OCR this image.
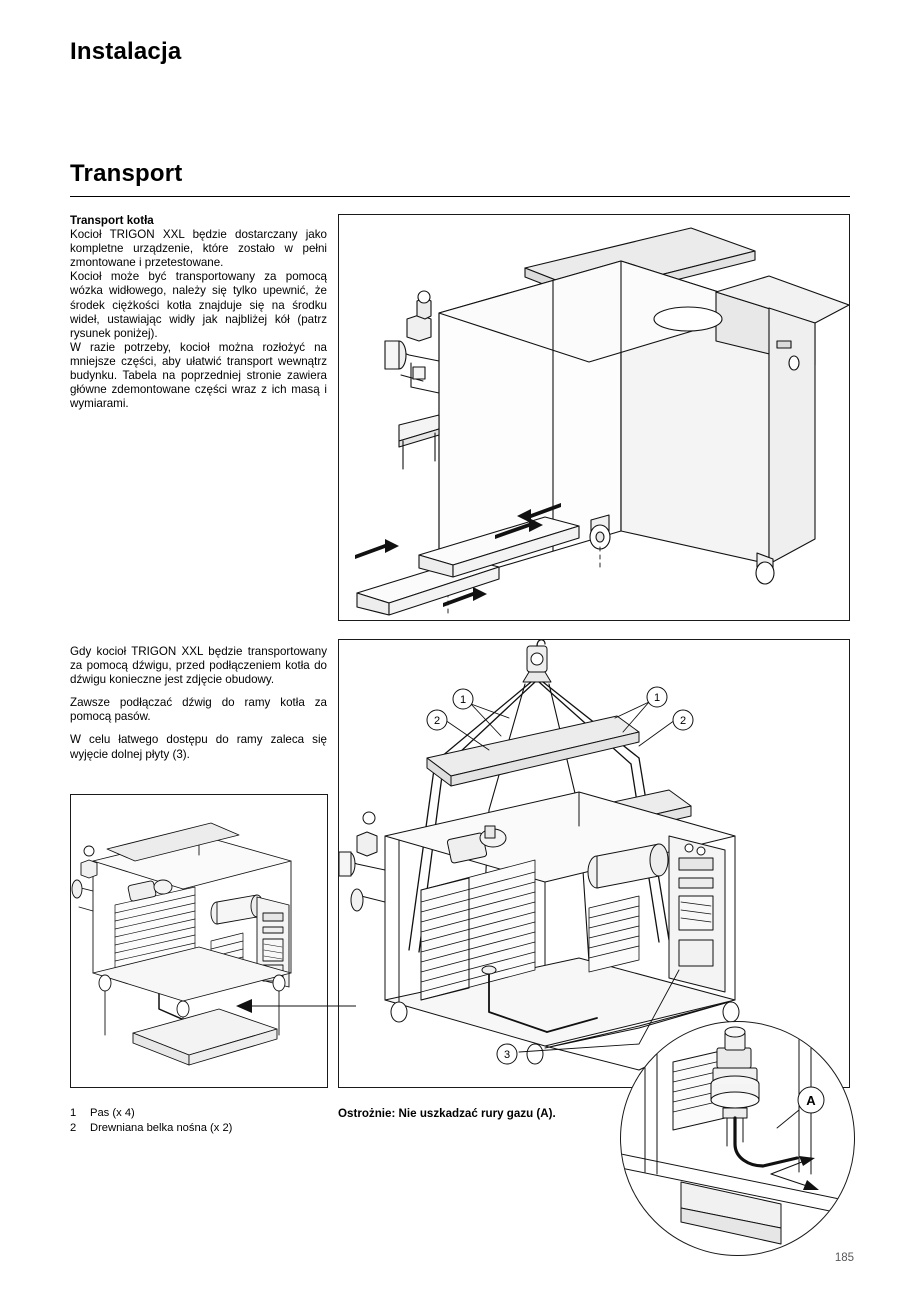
Instalacja
Transport

Transport kotła

Kocioł TRIGON XXL będzie dostarczany jako kompletne urządzenie, które zostało w pełni zmontowane i przetestowane.

Kocioł może być transportowany za pomocą wózka widłowego, należy się tylko upewnić, że środek ciężkości kotła znajduje się na środku wideł, ustawiając widły jak najbliżej kół (patrz rysunek poniżej).

W razie potrzeby, kocioł można rozłożyć na mniejsze części, aby ułatwić transport wewnątrz budynku. Tabela na poprzedniej stronie zawiera główne zdemontowane części wraz z ich masą i wymiarami.

Gdy kocioł TRIGON XXL będzie transportowany za pomocą dźwigu, przed podłączeniem kotła do dźwigu konieczne jest zdjęcie obudowy.

Zawsze podłączać dźwig do ramy kotła za pomocą pasów.

W celu łatwego dostępu do ramy zaleca się wyjęcie dolnej płyty (3).

1	Pas (x 4)
2	Drewniana belka nośna (x 2)
Ostrożnie: Nie uszkadzać rury gazu (A).
185
1	1
2	2
3
A
